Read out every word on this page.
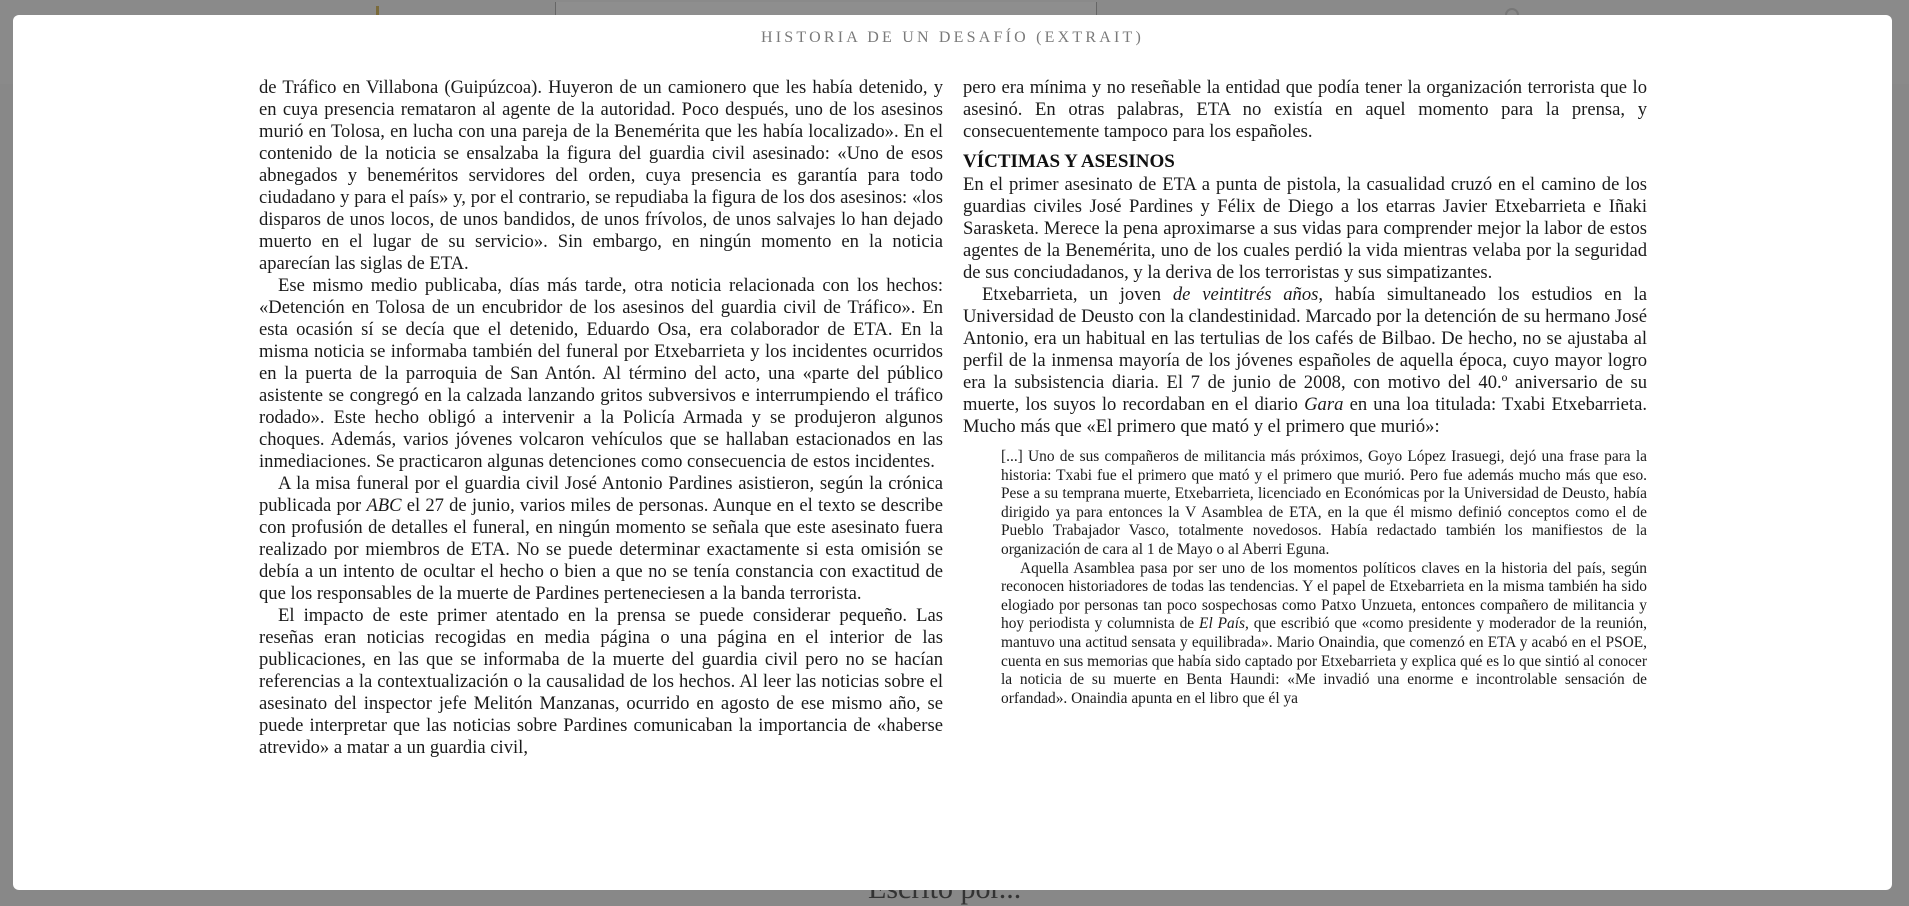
HISTORIA DE UN DESAFÍO (EXTRAIT)

de Tráfico en Villabona (Guipúzcoa). Huyeron de un camionero que les había detenido, y en cuya presencia remataron al agente de la autoridad. Poco después, uno de los asesinos murió en Tolosa, en lucha con una pareja de la Benemérita que les había localizado». En el contenido de la noticia se ensalzaba la figura del guardia civil asesinado: «Uno de esos abnegados y beneméritos servidores del orden, cuya presencia es garantía para todo ciudadano y para el país» y, por el contrario, se repudiaba la figura de los dos asesinos: «los disparos de unos locos, de unos bandidos, de unos frívolos, de unos salvajes lo han dejado muerto en el lugar de su servicio». Sin embargo, en ningún momento en la noticia aparecían las siglas de ETA.

Ese mismo medio publicaba, días más tarde, otra noticia relacionada con los hechos: «Detención en Tolosa de un encubridor de los asesinos del guardia civil de Tráfico». En esta ocasión sí se decía que el detenido, Eduardo Osa, era colaborador de ETA. En la misma noticia se informaba también del funeral por Etxebarrieta y los incidentes ocurridos en la puerta de la parroquia de San Antón. Al término del acto, una «parte del público asistente se congregó en la calzada lanzando gritos subversivos e interrumpiendo el tráfico rodado». Este hecho obligó a intervenir a la Policía Armada y se produjeron algunos choques. Además, varios jóvenes volcaron vehículos que se hallaban estacionados en las inmediaciones. Se practicaron algunas detenciones como consecuencia de estos incidentes.

A la misa funeral por el guardia civil José Antonio Pardines asistieron, según la crónica publicada por ABC el 27 de junio, varios miles de personas. Aunque en el texto se describe con profusión de detalles el funeral, en ningún momento se señala que este asesinato fuera realizado por miembros de ETA. No se puede determinar exactamente si esta omisión se debía a un intento de ocultar el hecho o bien a que no se tenía constancia con exactitud de que los responsables de la muerte de Pardines perteneciesen a la banda terrorista.

El impacto de este primer atentado en la prensa se puede considerar pequeño. Las reseñas eran noticias recogidas en media página o una página en el interior de las publicaciones, en las que se informaba de la muerte del guardia civil pero no se hacían referencias a la contextualización o la causalidad de los hechos. Al leer las noticias sobre el asesinato del inspector jefe Melitón Manzanas, ocurrido en agosto de ese mismo año, se puede interpretar que las noticias sobre Pardines comunicaban la importancia de «haberse atrevido» a matar a un guardia civil,

pero era mínima y no reseñable la entidad que podía tener la organización terrorista que lo asesinó. En otras palabras, ETA no existía en aquel momento para la prensa, y consecuentemente tampoco para los españoles.

VÍCTIMAS Y ASESINOS

En el primer asesinato de ETA a punta de pistola, la casualidad cruzó en el camino de los guardias civiles José Pardines y Félix de Diego a los etarras Javier Etxebarrieta e Iñaki Sarasketa. Merece la pena aproximarse a sus vidas para comprender mejor la labor de estos agentes de la Benemérita, uno de los cuales perdió la vida mientras velaba por la seguridad de sus conciudadanos, y la deriva de los terroristas y sus simpatizantes.

Etxebarrieta, un joven de veintitrés años, había simultaneado los estudios en la Universidad de Deusto con la clandestinidad. Marcado por la detención de su hermano José Antonio, era un habitual en las tertulias de los cafés de Bilbao. De hecho, no se ajustaba al perfil de la inmensa mayoría de los jóvenes españoles de aquella época, cuyo mayor logro era la subsistencia diaria. El 7 de junio de 2008, con motivo del 40.º aniversario de su muerte, los suyos lo recordaban en el diario Gara en una loa titulada: Txabi Etxebarrieta. Mucho más que «El primero que mató y el primero que murió»:

[...] Uno de sus compañeros de militancia más próximos, Goyo López Irasuegi, dejó una frase para la historia: Txabi fue el primero que mató y el primero que murió. Pero fue además mucho más que eso. Pese a su temprana muerte, Etxebarrieta, licenciado en Económicas por la Universidad de Deusto, había dirigido ya para entonces la V Asamblea de ETA, en la que él mismo definió conceptos como el de Pueblo Trabajador Vasco, totalmente novedosos. Había redactado también los manifiestos de la organización de cara al 1 de Mayo o al Aberri Eguna.

Aquella Asamblea pasa por ser uno de los momentos políticos claves en la historia del país, según reconocen historiadores de todas las tendencias. Y el papel de Etxebarrieta en la misma también ha sido elogiado por personas tan poco sospechosas como Patxo Unzueta, entonces compañero de militancia y hoy periodista y columnista de El País, que escribió que «como presidente y moderador de la reunión, mantuvo una actitud sensata y equilibrada». Mario Onaindia, que comenzó en ETA y acabó en el PSOE, cuenta en sus memorias que había sido captado por Etxebarrieta y explica qué es lo que sintió al conocer la noticia de su muerte en Benta Haundi: «Me invadió una enorme e incontrolable sensación de orfandad». Onaindia apunta en el libro que él ya
